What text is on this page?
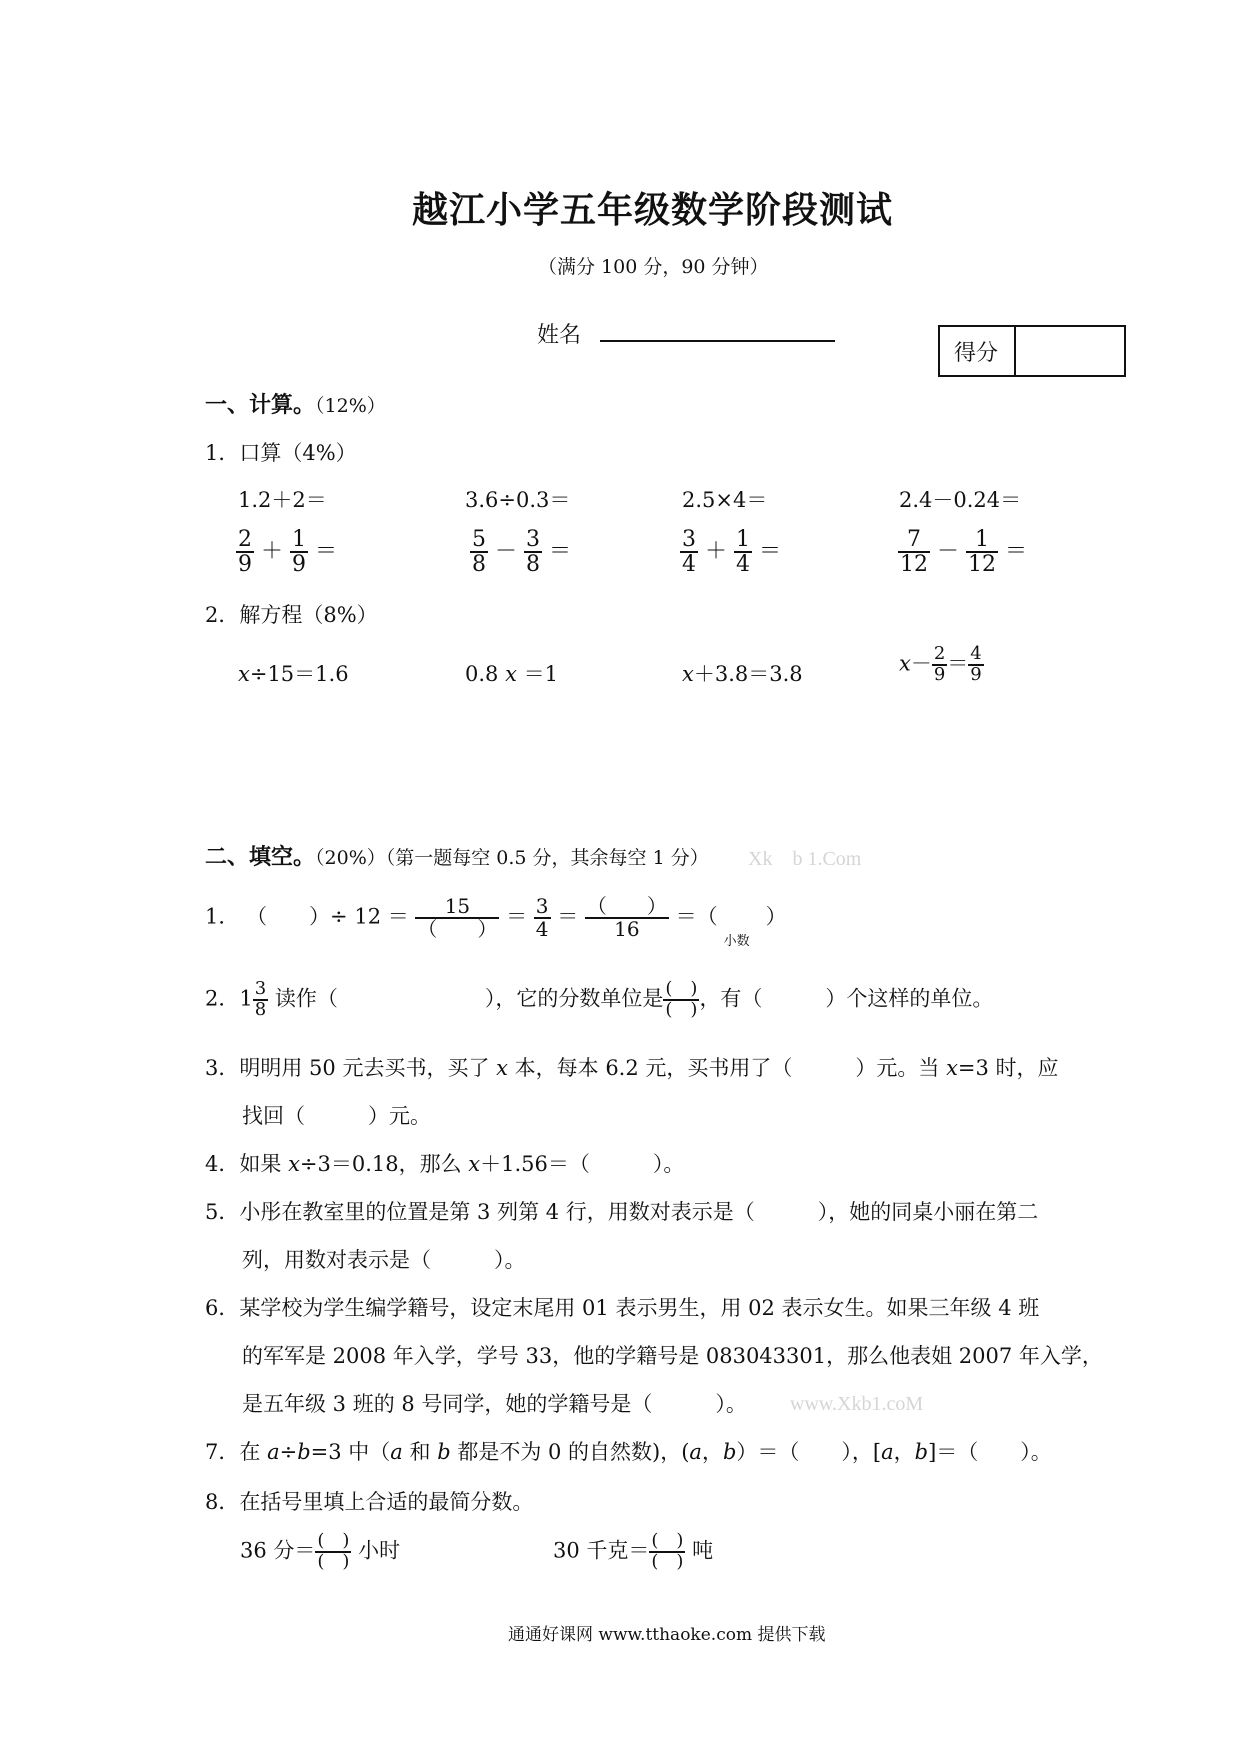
越江小学五年级数学阶段测试
（满分 100 分，90 分钟）
姓名
得分
一、计算。（12%）
1．口算（4%）
1.2＋2＝	3.6÷0.3＝	2.5×4＝	2.4－0.24＝
$\frac{2}{9} + \frac{1}{9}$ ＝	$\frac{5}{8} - \frac{3}{8}$ ＝	$\frac{3}{4} + \frac{1}{4}$ ＝	$\frac{7}{12} - \frac{1}{12}$ ＝
2．解方程（8%）
x÷15＝1.6	0.8 x ＝1	x＋3.8＝3.8	$x- \frac{2}{9} = \frac{4}{9}$
二、填空。（20%）（第一题每空 0.5 分，其余每空 1 分） Xk　b 1.Com
1． （　　）÷ $12 = \frac{15}{( )} = \frac{3}{4} = \frac{( )}{16}$ ＝（
小数
）
2．$1 \frac{3}{8}$ 读作（　　　　　　　），它的分数单位是 $\frac{( )}{( )}$ ，有（　　　）个这样的单位。
3．明明用 50 元去买书，买了 x 本，每本 6.2 元，买书用了（　　　）元。当 x=3 时，应
找回（　　　）元。
4．如果 x÷3＝0.18，那么 x＋1.56＝（　　　）。
5．小彤在教室里的位置是第 3 列第 4 行，用数对表示是（　　　），她的同桌小丽在第二
列，用数对表示是（　　　）。
6．某学校为学生编学籍号，设定末尾用 01 表示男生，用 02 表示女生。如果三年级 4 班
的军军是 2008 年入学，学号 33，他的学籍号是 083043301，那么他表姐 2007 年入学，
是五年级 3 班的 8 号同学，她的学籍号是（　　　）。 www.Xkb1.coM
7．在 a÷b=3 中（a 和 b 都是不为 0 的自然数)，(a，b）＝（　　），[a，b]＝（　　）。
8．在括号里填上合适的最简分数。
36 分＝ $\frac{( )}{( )}$ 小时	30 千克＝ $\frac{( )}{( )}$ 吨
通通好课网 www.tthaoke.com 提供下载
